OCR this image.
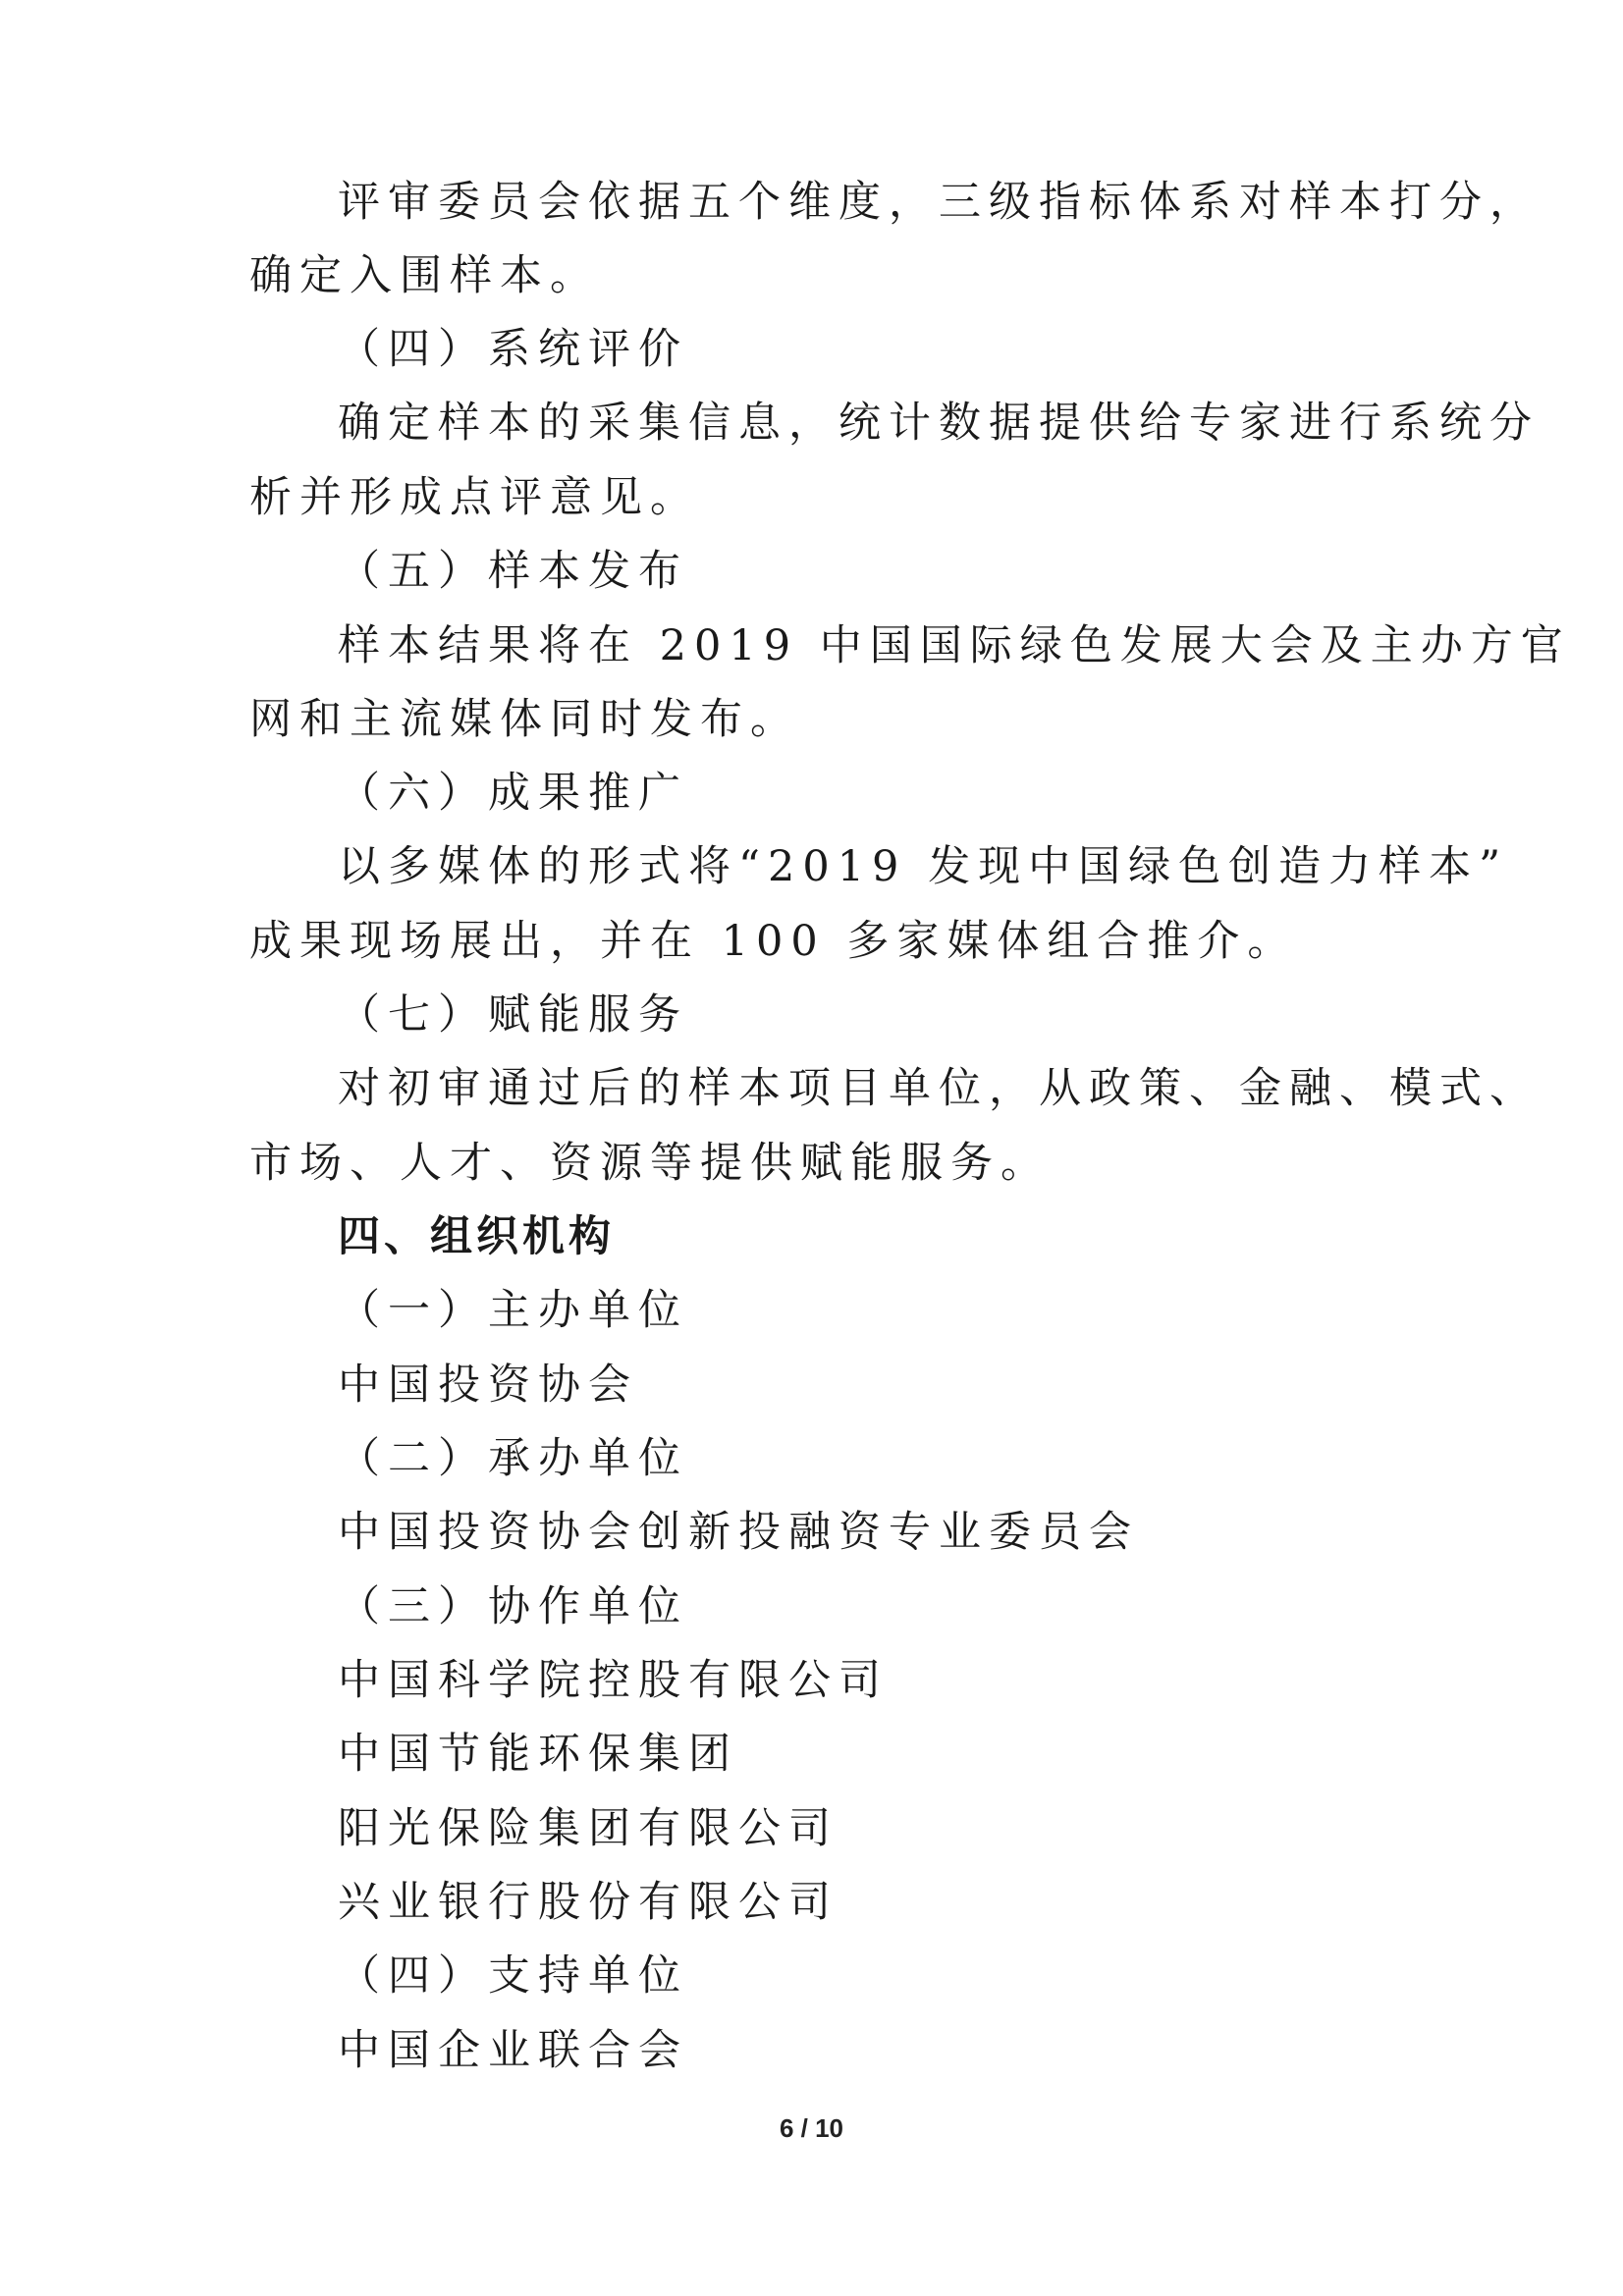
评审委员会依据五个维度，三级指标体系对样本打分，
确定入围样本。
（四）系统评价
确定样本的采集信息，统计数据提供给专家进行系统分
析并形成点评意见。
（五）样本发布
样本结果将在 2019 中国国际绿色发展大会及主办方官
网和主流媒体同时发布。
（六）成果推广
以多媒体的形式将“2019 发现中国绿色创造力样本”
成果现场展出，并在 100 多家媒体组合推介。
（七）赋能服务
对初审通过后的样本项目单位，从政策、金融、模式、
市场、人才、资源等提供赋能服务。
四、组织机构
（一）主办单位
中国投资协会
（二）承办单位
中国投资协会创新投融资专业委员会
（三）协作单位
中国科学院控股有限公司
中国节能环保集团
阳光保险集团有限公司
兴业银行股份有限公司
（四）支持单位
中国企业联合会
6 / 10
